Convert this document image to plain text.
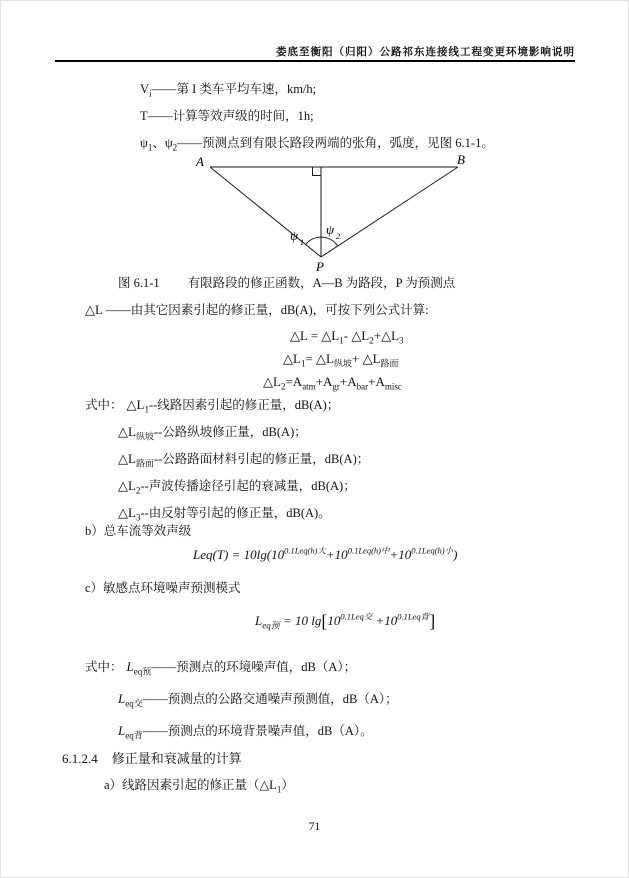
娄底至衡阳（归阳）公路祁东连接线工程变更环境影响说明
$V_i——$第 I 类车平均车速，km/h;
T——计算等效声级的时间，1h;
$\psi_1$、$\psi_2——$预测点到有限长路段两端的张角，弧度，见图 6.1-1。
A	B
ψ 1
ψ 2
P
图 6.1-1 有限路段的修正函数，A—B 为路段，P 为预测点
△L ——由其它因素引起的修正量，dB(A)，可按下列公式计算:
△L = $\triangle L_1-$ $\triangle L_2+\triangle L_3$
$\triangle L_1=$ $\triangle L_{纵坡}+$ $\triangle L_{路面}$
$\triangle L_2=A_{atm}+A_{gr}+A_{bar}+A_{misc}$
式中： $\triangle L_1--$线路因素引起的修正量，dB(A)；
$\triangle L_{纵坡}--$公路纵坡修正量，dB(A)；
$\triangle L_{路面}--$公路路面材料引起的修正量，dB(A)；
$\triangle L_2--$声波传播途径引起的衰减量，dB(A)；
$\triangle L_3--$由反射等引起的修正量，dB(A)。
b）总车流等效声级
$Leq(T) = 10\lg(10^{0.1Leq(h)大}+10^{0.1Leq(h)中}+10^{0.1Leq(h)小})$
c）敏感点环境噪声预测模式
$L_{eq预} = 10$ $\lg[10^{0.1Leq交} +10^{0.1Leq背}]$
式中： $L_{eq预}——$预测点的环境噪声值，dB（A）；
$L_{eq交}——$预测点的公路交通噪声预测值，dB（A）；
$L_{eq背}——$预测点的环境背景噪声值，dB（A）。
6.1.2.4 修正量和衰减量的计算
a）线路因素引起的修正量$(\triangle L_1)$
71
